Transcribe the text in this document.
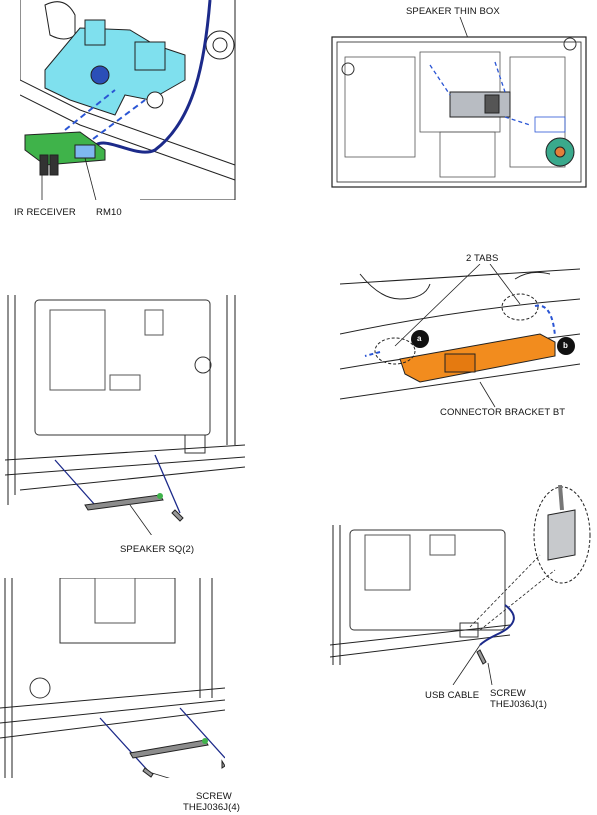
IR RECEIVER RM10
SPEAKER THIN BOX
2 TABS
a
b
CONNECTOR BRACKET BT
SPEAKER SQ(2)
USB CABLE SCREW
THEJ036J(1)
SCREW
THEJ036J(4)
